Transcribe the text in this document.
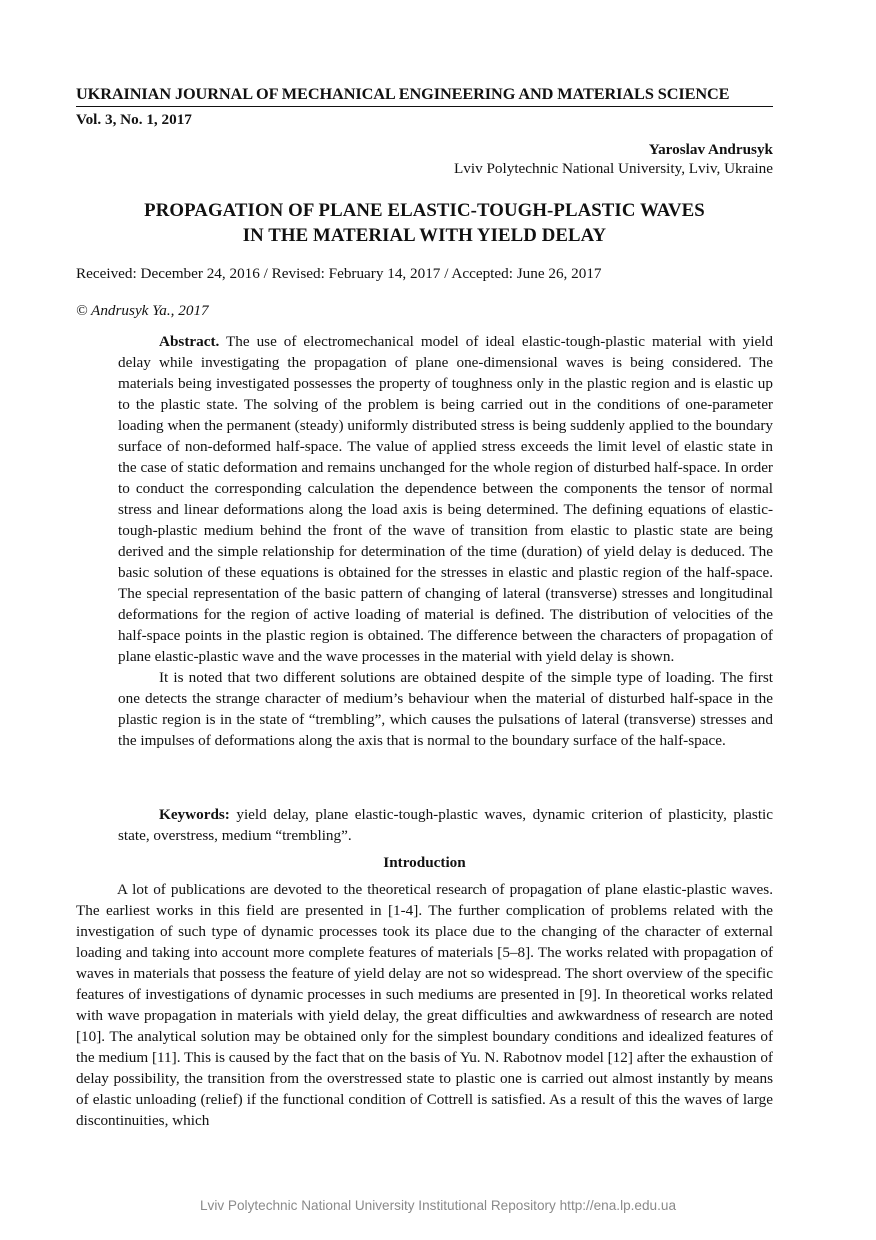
UKRAINIAN JOURNAL OF MECHANICAL ENGINEERING AND MATERIALS SCIENCE
Vol. 3, No. 1, 2017
Yaroslav Andrusyk
Lviv Polytechnic National University, Lviv, Ukraine
PROPAGATION OF PLANE ELASTIC-TOUGH-PLASTIC WAVES
IN THE MATERIAL WITH YIELD DELAY
Received: December 24, 2016 / Revised: February 14, 2017 / Accepted: June 26, 2017
© Andrusyk Ya., 2017

Abstract. The use of electromechanical model of ideal elastic-tough-plastic material with yield delay while investigating the propagation of plane one-dimensional waves is being considered. The materials being investigated possesses the property of toughness only in the plastic region and is elastic up to the plastic state. The solving of the problem is being carried out in the conditions of one-parameter loading when the permanent (steady) uniformly distributed stress is being suddenly applied to the boundary surface of non-deformed half-space. The value of applied stress exceeds the limit level of elastic state in the case of static deformation and remains unchanged for the whole region of disturbed half-space. In order to conduct the corresponding calculation the dependence between the components the tensor of normal stress and linear deformations along the load axis is being determined. The defining equations of elastic-tough-plastic medium behind the front of the wave of transition from elastic to plastic state are being derived and the simple relationship for determination of the time (duration) of yield delay is deduced. The basic solution of these equations is obtained for the stresses in elastic and plastic region of the half-space. The special representation of the basic pattern of changing of lateral (transverse) stresses and longitudinal deformations for the region of active loading of material is defined. The distribution of velocities of the half-space points in the plastic region is obtained. The difference between the characters of propagation of plane elastic-plastic wave and the wave processes in the material with yield delay is shown.

It is noted that two different solutions are obtained despite of the simple type of loading. The first one detects the strange character of medium’s behaviour when the material of disturbed half-space in the plastic region is in the state of “trembling”, which causes the pulsations of lateral (transverse) stresses and the impulses of deformations along the axis that is normal to the boundary surface of the half-space.

Keywords: yield delay, plane elastic-tough-plastic waves, dynamic criterion of plasticity, plastic state, overstress, medium “trembling”.

Introduction

A lot of publications are devoted to the theoretical research of propagation of plane elastic-plastic waves. The earliest works in this field are presented in [1-4]. The further complication of problems related with the investigation of such type of dynamic processes took its place due to the changing of the character of external loading and taking into account more complete features of materials [5–8]. The works related with propagation of waves in materials that possess the feature of yield delay are not so widespread. The short overview of the specific features of investigations of dynamic processes in such mediums are presented in [9]. In theoretical works related with wave propagation in materials with yield delay, the great difficulties and awkwardness of research are noted [10]. The analytical solution may be obtained only for the simplest boundary conditions and idealized features of the medium [11]. This is caused by the fact that on the basis of Yu. N. Rabotnov model [12] after the exhaustion of delay possibility, the transition from the overstressed state to plastic one is carried out almost instantly by means of elastic unloading (relief) if the functional condition of Cottrell is satisfied. As a result of this the waves of large discontinuities, which

Lviv Polytechnic National University Institutional Repository http://ena.lp.edu.ua
